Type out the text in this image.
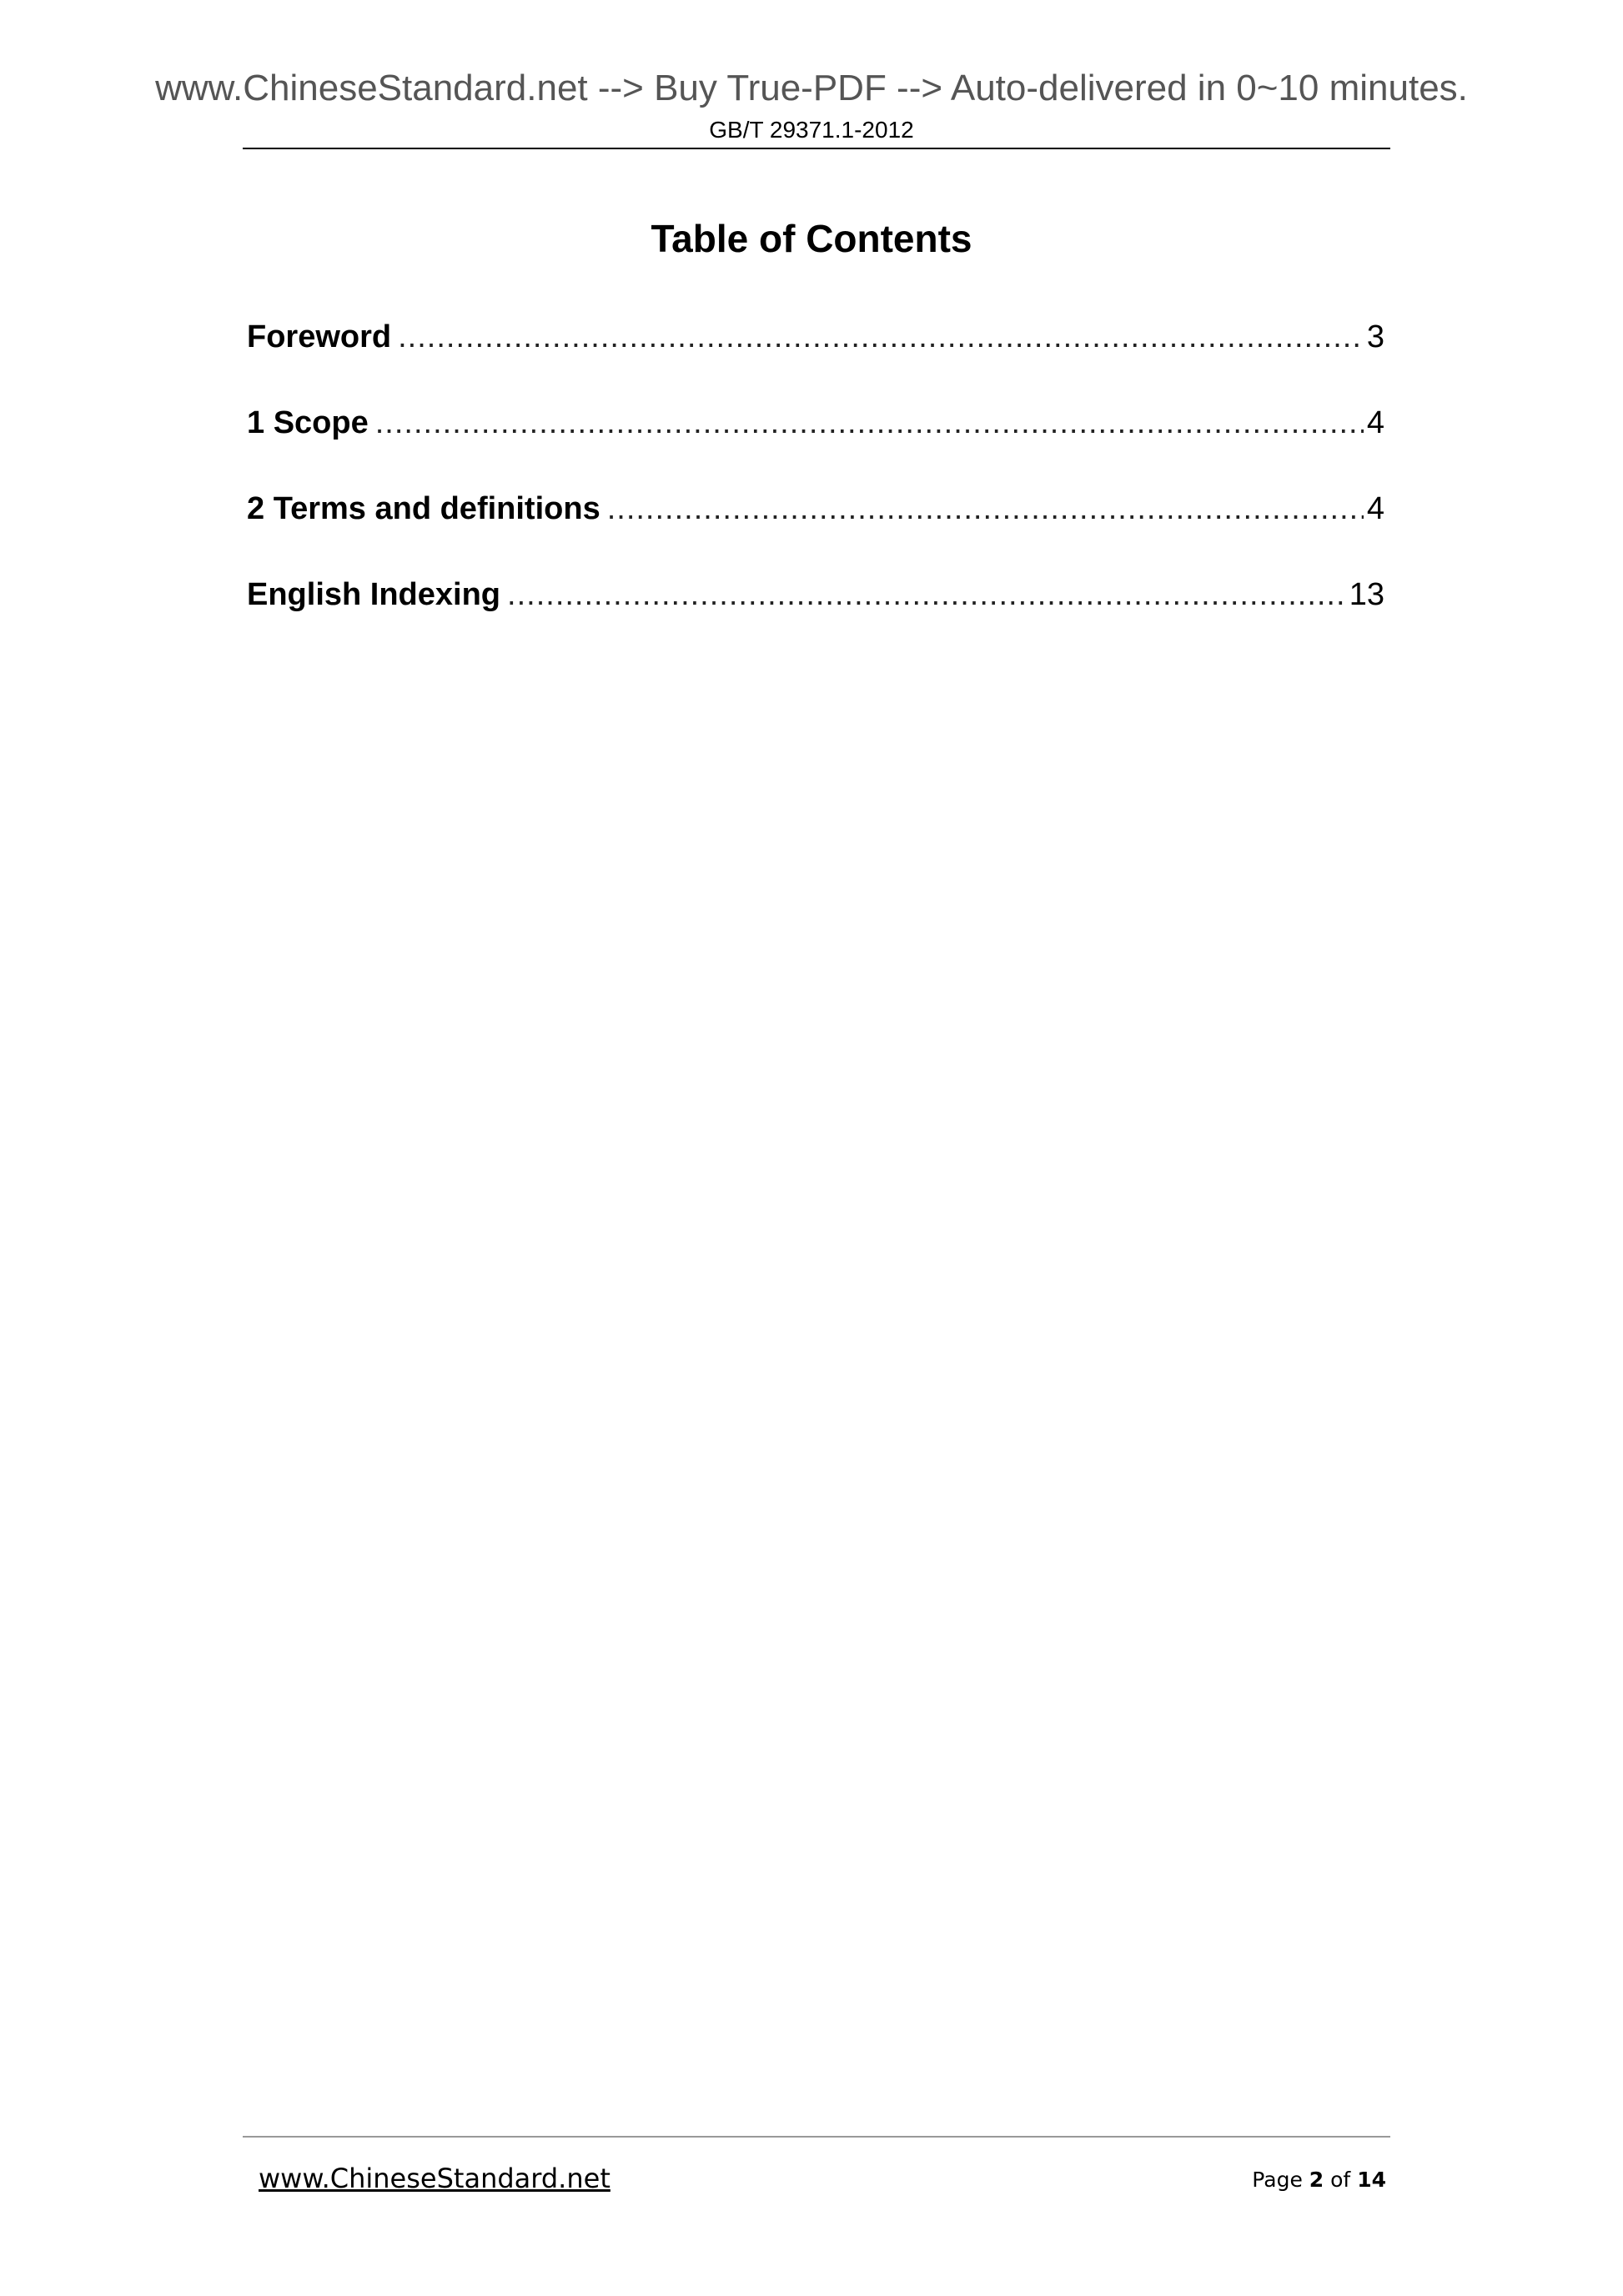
www.ChineseStandard.net --> Buy True-PDF --> Auto-delivered in 0~10 minutes.
GB/T 29371.1-2012
Table of Contents
Foreword .....	3
1 Scope .....	4
2 Terms and definitions .....	4
English Indexing .....	13
www.ChineseStandard.net	Page 2 of 14
